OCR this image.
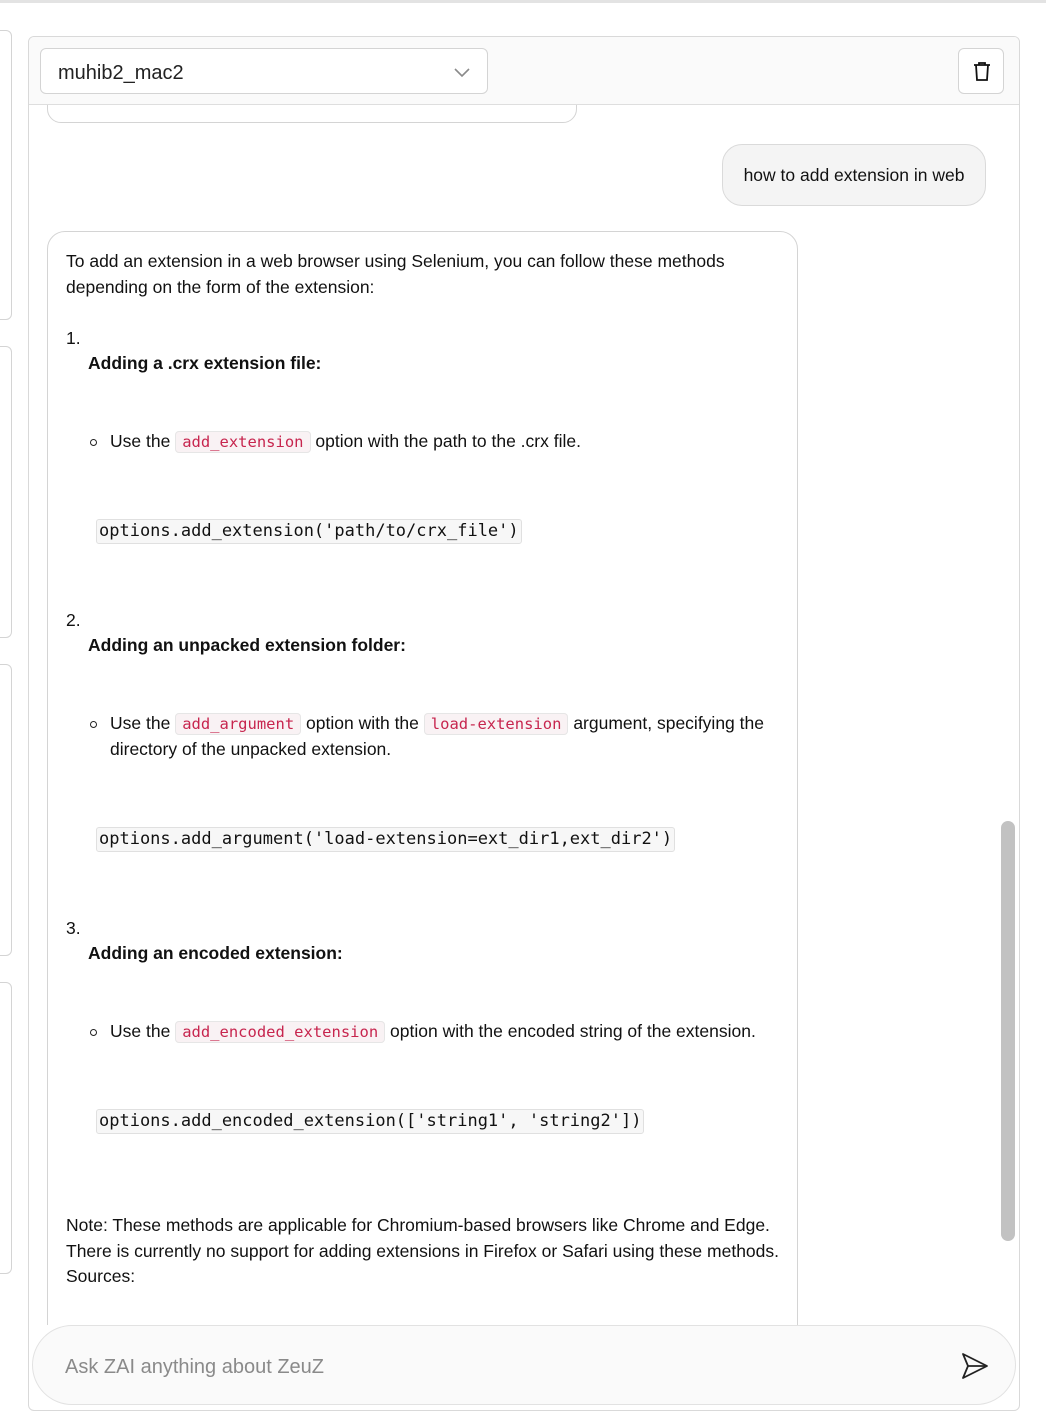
muhib2_mac2
how to add extension in web

To add an extension in a web browser using Selenium, you can follow these methods depending on the form of the extension:

1.
Adding a .crx extension file:
Use the add_extension option with the path to the .crx file.
options.add_extension('path/to/crx_file')
2.
Adding an unpacked extension folder:
Use the add_argument option with the load-extension argument, specifying the directory of the unpacked extension.
options.add_argument('load-extension=ext_dir1,ext_dir2')
3.
Adding an encoded extension:
Use the add_encoded_extension option with the encoded string of the extension.
options.add_encoded_extension(['string1', 'string2'])
Note: These methods are applicable for Chromium-based browsers like Chrome and Edge. There is currently no support for adding extensions in Firefox or Safari using these methods.
Sources:
Ask ZAI anything about ZeuZ
